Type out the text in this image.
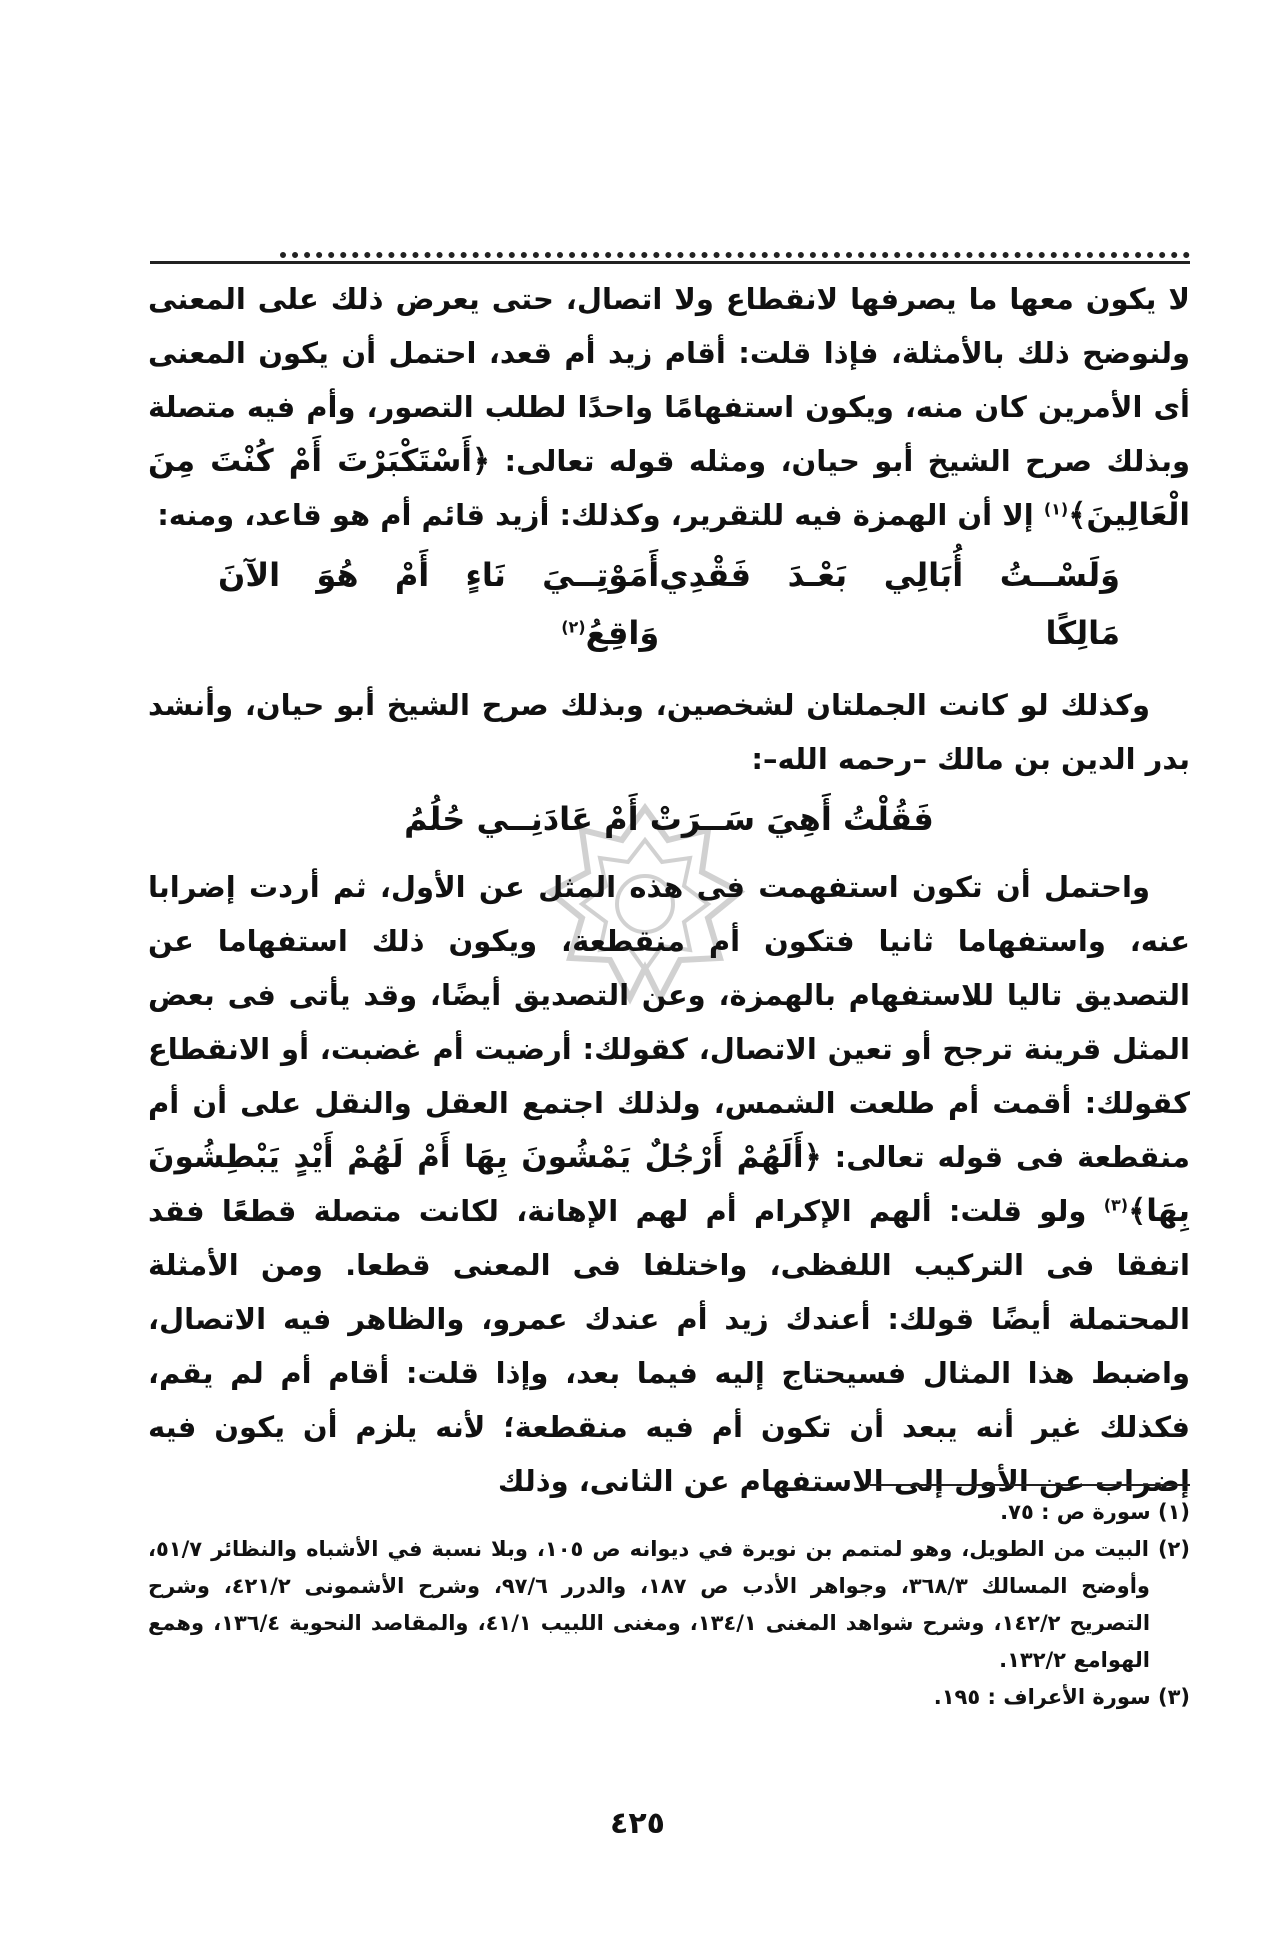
لا يكون معها ما يصرفها لانقطاع ولا اتصال، حتى يعرض ذلك على المعنى ولنوضح ذلك بالأمثلة، فإذا قلت: أقام زيد أم قعد، احتمل أن يكون المعنى أى الأمرين كان منه، ويكون استفهامًا واحدًا لطلب التصور، وأم فيه متصلة وبذلك صرح الشيخ أبو حيان، ومثله قوله تعالى: ﴿أَسْتَكْبَرْتَ أَمْ كُنْتَ مِنَ الْعَالِينَ﴾$^{(١)}$ إلا أن الهمزة فيه للتقرير، وكذلك: أزيد قائم أم هو قاعد، ومنه:

وَلَسْــتُ أُبَالِي بَعْـدَ فَقْدِي مَالِكًا
أَمَوْتِــيَ نَاءٍ أَمْ هُوَ الآنَ وَاقِعُ$^{(٢)}$

وكذلك لو كانت الجملتان لشخصين، وبذلك صرح الشيخ أبو حيان، وأنشد بدر الدين بن مالك –رحمه الله–:

فَقُلْتُ أَهِيَ سَــرَتْ أَمْ عَادَنِــي حُلُمُ

واحتمل أن تكون استفهمت فى هذه المثل عن الأول، ثم أردت إضرابا عنه، واستفهاما ثانيا فتكون أم منقطعة، ويكون ذلك استفهاما عن التصديق تاليا للاستفهام بالهمزة، وعن التصديق أيضًا، وقد يأتى فى بعض المثل قرينة ترجح أو تعين الاتصال، كقولك: أرضيت أم غضبت، أو الانقطاع كقولك: أقمت أم طلعت الشمس، ولذلك اجتمع العقل والنقل على أن أم منقطعة فى قوله تعالى: ﴿أَلَهُمْ أَرْجُلٌ يَمْشُونَ بِهَا أَمْ لَهُمْ أَيْدٍ يَبْطِشُونَ بِهَا﴾$^{(٣)}$ ولو قلت: ألهم الإكرام أم لهم الإهانة، لكانت متصلة قطعًا فقد اتفقا فى التركيب اللفظى، واختلفا فى المعنى قطعا. ومن الأمثلة المحتملة أيضًا قولك: أعندك زيد أم عندك عمرو، والظاهر فيه الاتصال، واضبط هذا المثال فسيحتاج إليه فيما بعد، وإذا قلت: أقام أم لم يقم، فكذلك غير أنه يبعد أن تكون أم فيه منقطعة؛ لأنه يلزم أن يكون فيه إضراب عن الأول إلى الاستفهام عن الثانى، وذلك

(١) سورة ص : ٧٥.

(٢) البيت من الطويل، وهو لمتمم بن نويرة في ديوانه ص ١٠٥، وبلا نسبة في الأشباه والنظائر ٥١/٧، وأوضح المسالك ٣٦٨/٣، وجواهر الأدب ص ١٨٧، والدرر ٩٧/٦، وشرح الأشمونى ٤٢١/٢، وشرح التصريح ١٤٢/٢، وشرح شواهد المغنى ١٣٤/١، ومغنى اللبيب ٤١/١، والمقاصد النحوية ١٣٦/٤، وهمع الهوامع ١٣٢/٢.

(٣) سورة الأعراف : ١٩٥.

٤٢٥
